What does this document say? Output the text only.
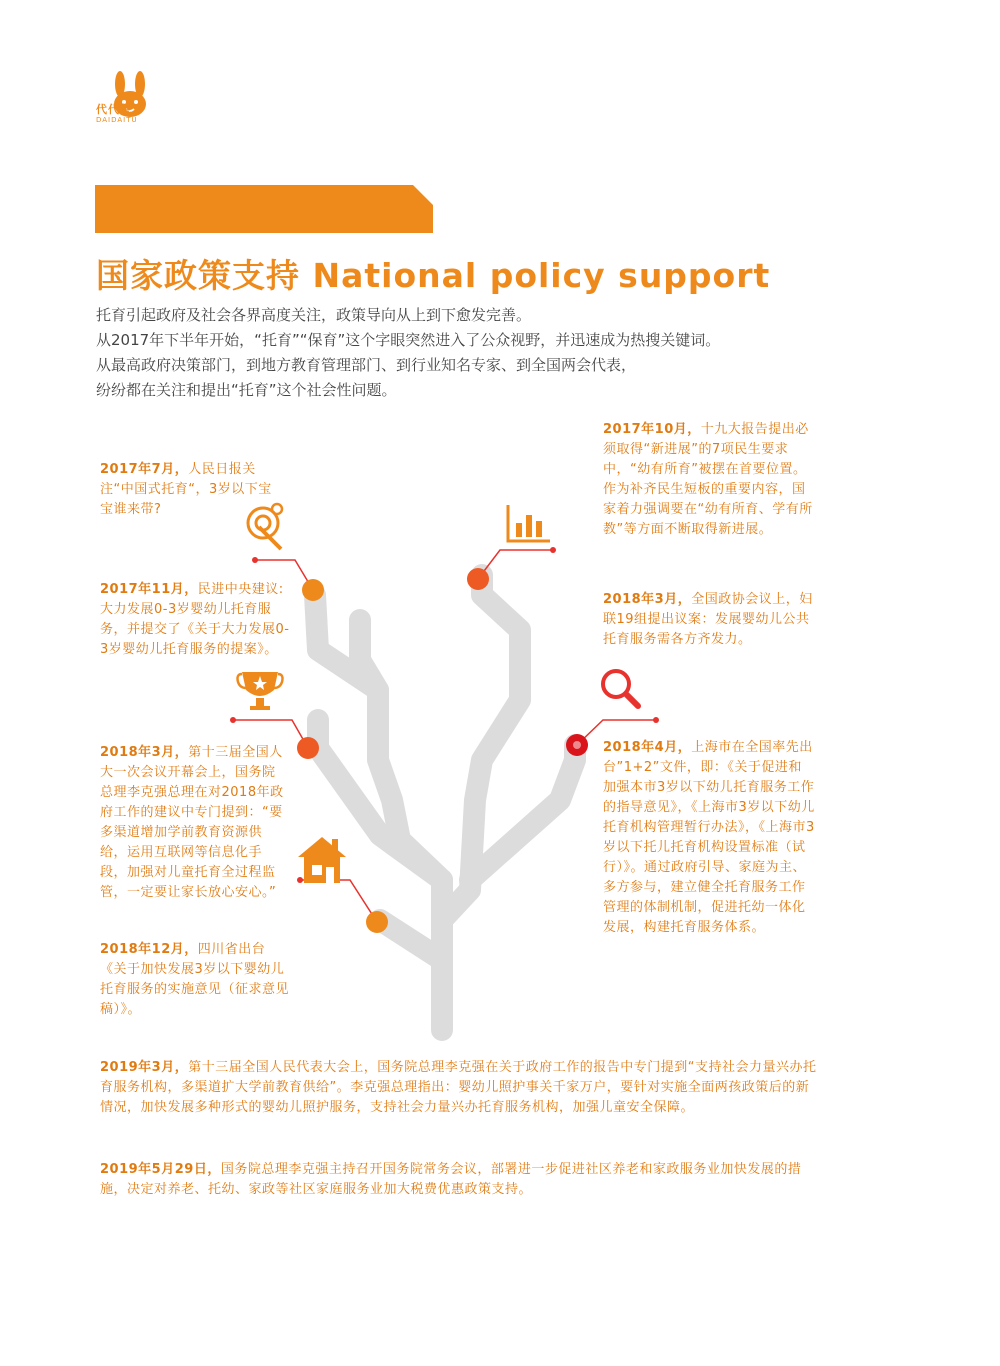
代代兔
DAIDAITU
国家政策支持 National policy support
托育引起政府及社会各界高度关注，政策导向从上到下愈发完善。
从2017年下半年开始，“托育”“保育”这个字眼突然进入了公众视野，并迅速成为热搜关键词。
从最高政府决策部门，到地方教育管理部门、到行业知名专家、到全国两会代表，
纷纷都在关注和提出“托育”这个社会性问题。
2017年7月，人民日报关注“中国式托育“，3岁以下宝宝谁来带?
2017年11月，民进中央建议:大力发展0-3岁婴幼儿托育服务，并提交了《关于大力发展0-3岁婴幼儿托育服务的提案》。
2018年3月，第十三届全国人大一次会议开幕会上，国务院总理李克强总理在对2018年政府工作的建议中专门提到：“要多渠道增加学前教育资源供给，运用互联网等信息化手段，加强对儿童托育全过程监管，一定要让家长放心安心。”
2018年12月，四川省出台《关于加快发展3岁以下婴幼儿托育服务的实施意见（征求意见稿）》。
2017年10月，十九大报告提出必须取得“新进展”的7项民生要求中，“幼有所育”被摆在首要位置。作为补齐民生短板的重要内容，国家着力强调要在“幼有所育、学有所教”等方面不断取得新进展。
2018年3月，全国政协会议上，妇联19组提出议案：发展婴幼儿公共托育服务需各方齐发力。
2018年4月，上海市在全国率先出台”1+2”文件，即：《关于促进和加强本市3岁以下幼儿托育服务工作的指导意见》，《上海市3岁以下幼儿托育机构管理暂行办法》，《上海市3岁以下托儿托育机构设置标准（试行）》。通过政府引导、家庭为主、多方参与，建立健全托育服务工作管理的体制机制，促进托幼一体化发展，构建托育服务体系。
2019年3月，第十三届全国人民代表大会上，国务院总理李克强在关于政府工作的报告中专门提到“支持社会力量兴办托育服务机构，多渠道扩大学前教育供给”。李克强总理指出：婴幼儿照护事关千家万户，要针对实施全面两孩政策后的新情况，加快发展多种形式的婴幼儿照护服务，支持社会力量兴办托育服务机构，加强儿童安全保障。
2019年5月29日，国务院总理李克强主持召开国务院常务会议，部署进一步促进社区养老和家政服务业加快发展的措施，决定对养老、托幼、家政等社区家庭服务业加大税费优惠政策支持。
